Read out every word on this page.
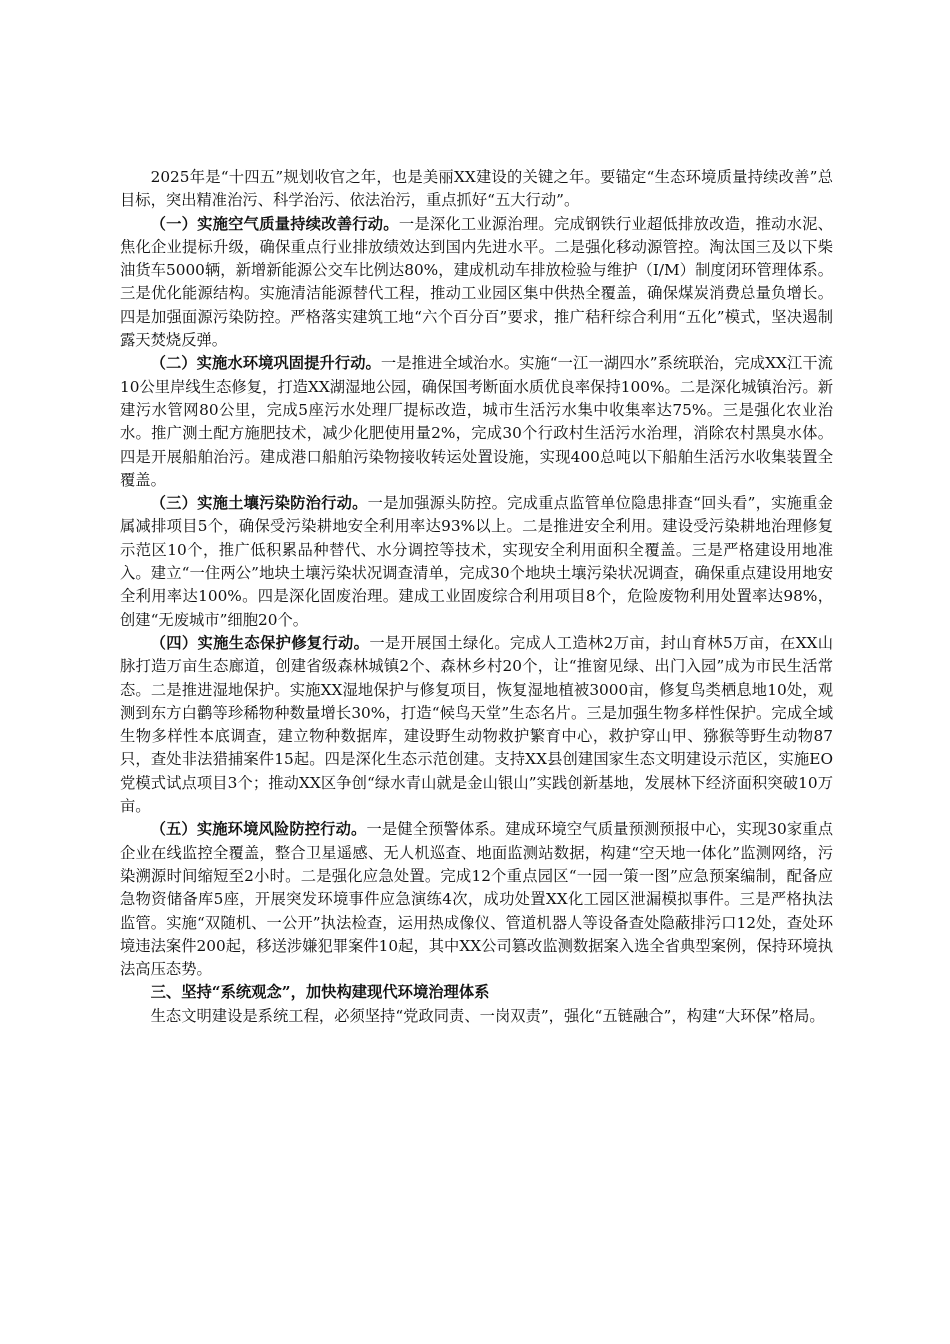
2025年是“十四五”规划收官之年，也是美丽XX建设的关键之年。要锚定“生态环境质量持续改善”总目标，突出精准治污、科学治污、依法治污，重点抓好“五大行动”。

（一）实施空气质量持续改善行动。一是深化工业源治理。完成钢铁行业超低排放改造，推动水泥、焦化企业提标升级，确保重点行业排放绩效达到国内先进水平。二是强化移动源管控。淘汰国三及以下柴油货车5000辆，新增新能源公交车比例达80%，建成机动车排放检验与维护（I/M）制度闭环管理体系。三是优化能源结构。实施清洁能源替代工程，推动工业园区集中供热全覆盖，确保煤炭消费总量负增长。四是加强面源污染防控。严格落实建筑工地“六个百分百”要求，推广秸秆综合利用“五化”模式，坚决遏制露天焚烧反弹。

（二）实施水环境巩固提升行动。一是推进全域治水。实施“一江一湖四水”系统联治，完成XX江干流10公里岸线生态修复，打造XX湖湿地公园，确保国考断面水质优良率保持100%。二是深化城镇治污。新建污水管网80公里，完成5座污水处理厂提标改造，城市生活污水集中收集率达75%。三是强化农业治水。推广测土配方施肥技术，减少化肥使用量2%，完成30个行政村生活污水治理，消除农村黑臭水体。四是开展船舶治污。建成港口船舶污染物接收转运处置设施，实现400总吨以下船舶生活污水收集装置全覆盖。

（三）实施土壤污染防治行动。一是加强源头防控。完成重点监管单位隐患排查“回头看”，实施重金属减排项目5个，确保受污染耕地安全利用率达93%以上。二是推进安全利用。建设受污染耕地治理修复示范区10个，推广低积累品种替代、水分调控等技术，实现安全利用面积全覆盖。三是严格建设用地准入。建立“一住两公”地块土壤污染状况调查清单，完成30个地块土壤污染状况调查，确保重点建设用地安全利用率达100%。四是深化固废治理。建成工业固废综合利用项目8个，危险废物利用处置率达98%，创建“无废城市”细胞20个。

（四）实施生态保护修复行动。一是开展国土绿化。完成人工造林2万亩，封山育林5万亩，在XX山脉打造万亩生态廊道，创建省级森林城镇2个、森林乡村20个，让“推窗见绿、出门入园”成为市民生活常态。二是推进湿地保护。实施XX湿地保护与修复项目，恢复湿地植被3000亩，修复鸟类栖息地10处，观测到东方白鹳等珍稀物种数量增长30%，打造“候鸟天堂”生态名片。三是加强生物多样性保护。完成全域生物多样性本底调查，建立物种数据库，建设野生动物救护繁育中心，救护穿山甲、猕猴等野生动物87只，查处非法猎捕案件15起。四是深化生态示范创建。支持XX县创建国家生态文明建设示范区，实施EO党模式试点项目3个；推动XX区争创“绿水青山就是金山银山”实践创新基地，发展林下经济面积突破10万亩。

（五）实施环境风险防控行动。一是健全预警体系。建成环境空气质量预测预报中心，实现30家重点企业在线监控全覆盖，整合卫星遥感、无人机巡查、地面监测站数据，构建“空天地一体化”监测网络，污染溯源时间缩短至2小时。二是强化应急处置。完成12个重点园区“一园一策一图”应急预案编制，配备应急物资储备库5座，开展突发环境事件应急演练4次，成功处置XX化工园区泄漏模拟事件。三是严格执法监管。实施“双随机、一公开”执法检查，运用热成像仪、管道机器人等设备查处隐蔽排污口12处，查处环境违法案件200起，移送涉嫌犯罪案件10起，其中XX公司篡改监测数据案入选全省典型案例，保持环境执法高压态势。

三、坚持“系统观念”，加快构建现代环境治理体系

生态文明建设是系统工程，必须坚持“党政同责、一岗双责”，强化“五链融合”，构建“大环保”格局。
